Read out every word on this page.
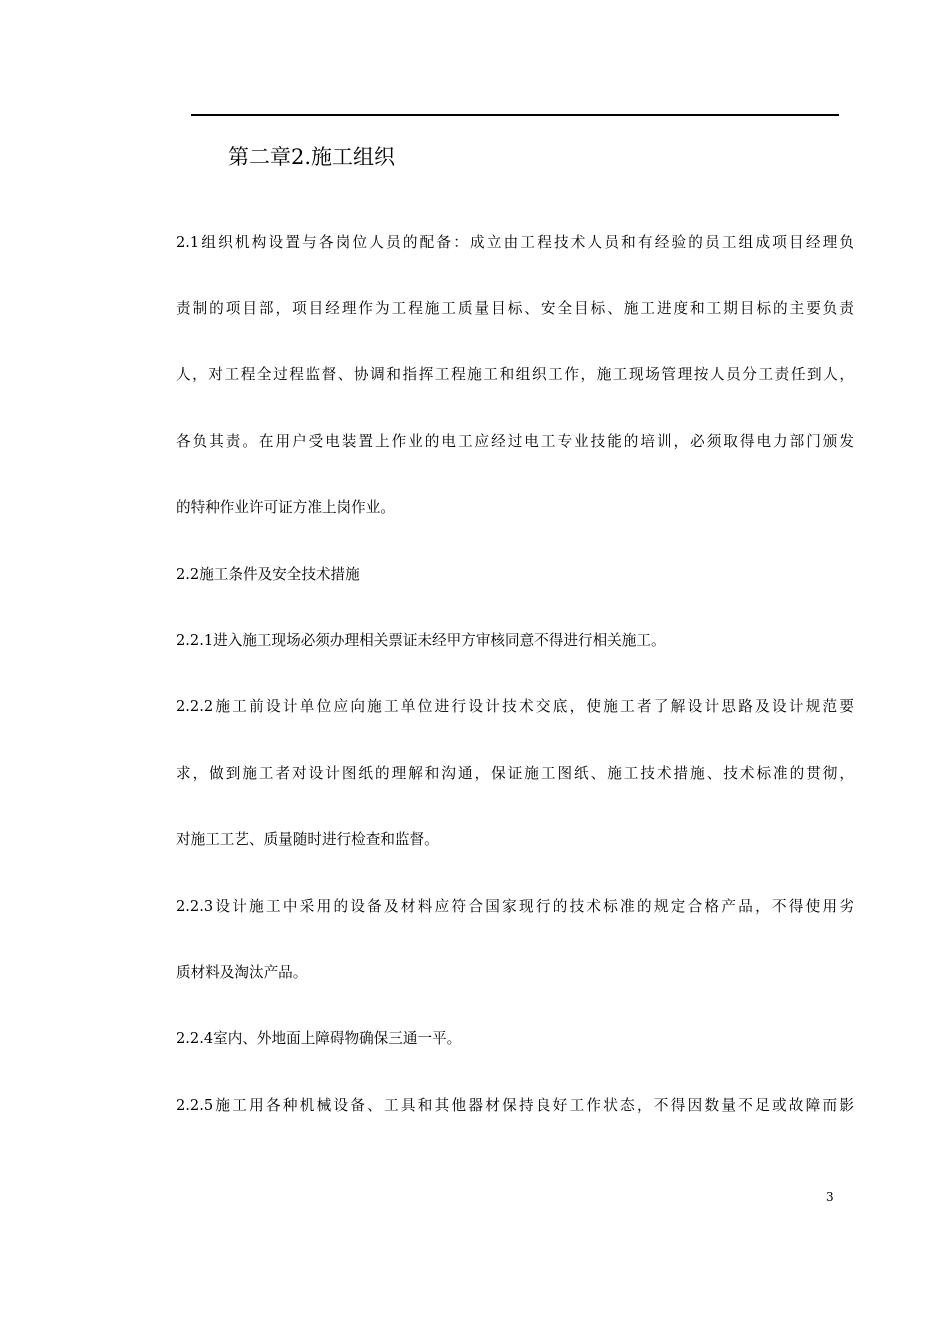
第二章2.施工组织
2.1组织机构设置与各岗位人员的配备：成立由工程技术人员和有经验的员工组成项目经理负
责制的项目部，项目经理作为工程施工质量目标、安全目标、施工进度和工期目标的主要负责
人，对工程全过程监督、协调和指挥工程施工和组织工作，施工现场管理按人员分工责任到人，
各负其责。在用户受电装置上作业的电工应经过电工专业技能的培训，必须取得电力部门颁发
的特种作业许可证方准上岗作业。
2.2施工条件及安全技术措施
2.2.1进入施工现场必须办理相关票证未经甲方审核同意不得进行相关施工。
2.2.2施工前设计单位应向施工单位进行设计技术交底，使施工者了解设计思路及设计规范要
求，做到施工者对设计图纸的理解和沟通，保证施工图纸、施工技术措施、技术标准的贯彻，
对施工工艺、质量随时进行检查和监督。
2.2.3设计施工中采用的设备及材料应符合国家现行的技术标准的规定合格产品，不得使用劣
质材料及淘汰产品。
2.2.4室内、外地面上障碍物确保三通一平。
2.2.5施工用各种机械设备、工具和其他器材保持良好工作状态，不得因数量不足或故障而影
3
